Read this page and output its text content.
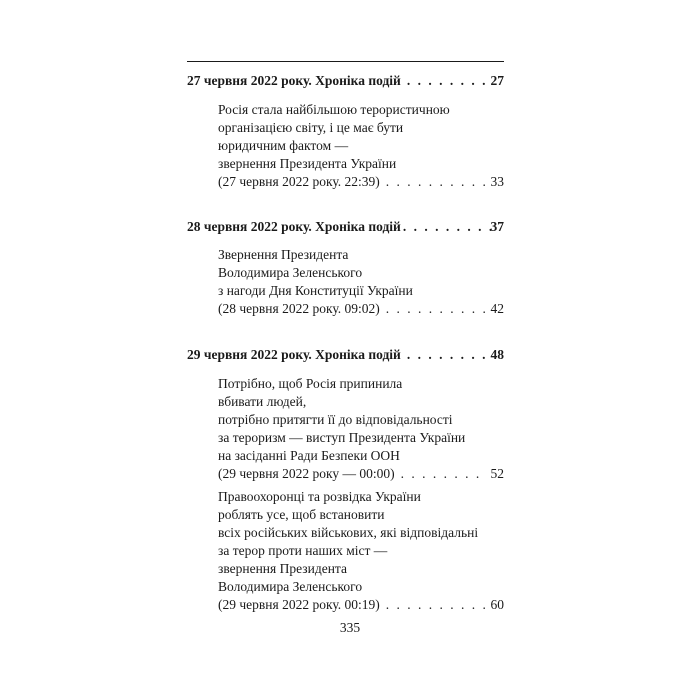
27 червня 2022 року. Хроніка подій . . .	27
Росія стала найбільшою терористичною
організацією світу, і це має бути
юридичним фактом —
звернення Президента України
(27 червня 2022 року. 22:39) . . .	33
28 червня 2022 року. Хроніка подій . . .	37
Звернення Президента
Володимира Зеленського
з нагоди Дня Конституції України
(28 червня 2022 року. 09:02) . . .	42
29 червня 2022 року. Хроніка подій . . .	48
Потрібно, щоб Росія припинила
вбивати людей,
потрібно притягти її до відповідальності
за тероризм — виступ Президента України
на засіданні Ради Безпеки ООН
(29 червня 2022 року — 00:00) . . .	52
Правоохоронці та розвідка України
роблять усе, щоб встановити
всіх російських військових, які відповідальні
за терор проти наших міст —
звернення Президента
Володимира Зеленського
(29 червня 2022 року. 00:19) . . .	60
335
